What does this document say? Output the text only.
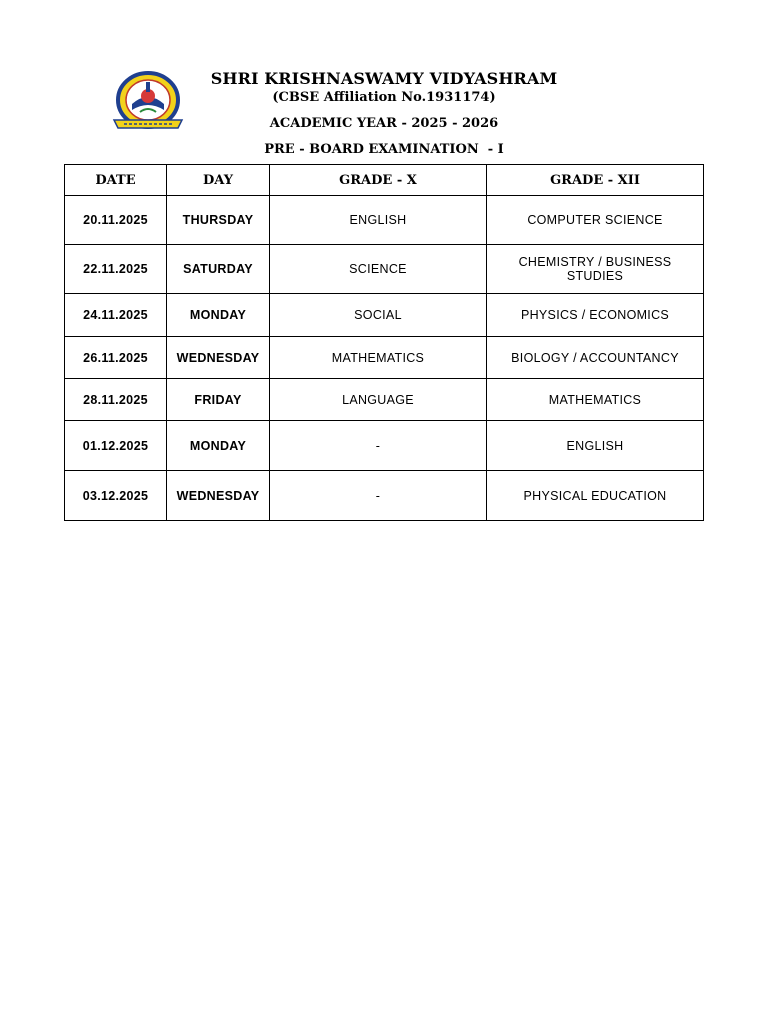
SHRI KRISHNASWAMY VIDYASHRAM
(CBSE Affiliation No.1931174)
ACADEMIC YEAR - 2025 - 2026
PRE - BOARD EXAMINATION  - I
DATE	DAY	GRADE - X	GRADE - XII
20.11.2025	THURSDAY	ENGLISH	COMPUTER SCIENCE
22.11.2025	SATURDAY	SCIENCE	CHEMISTRY / BUSINESS STUDIES
24.11.2025	MONDAY	SOCIAL	PHYSICS / ECONOMICS
26.11.2025	WEDNESDAY	MATHEMATICS	BIOLOGY / ACCOUNTANCY
28.11.2025	FRIDAY	LANGUAGE	MATHEMATICS
01.12.2025	MONDAY	-	ENGLISH
03.12.2025	WEDNESDAY	-	PHYSICAL EDUCATION
